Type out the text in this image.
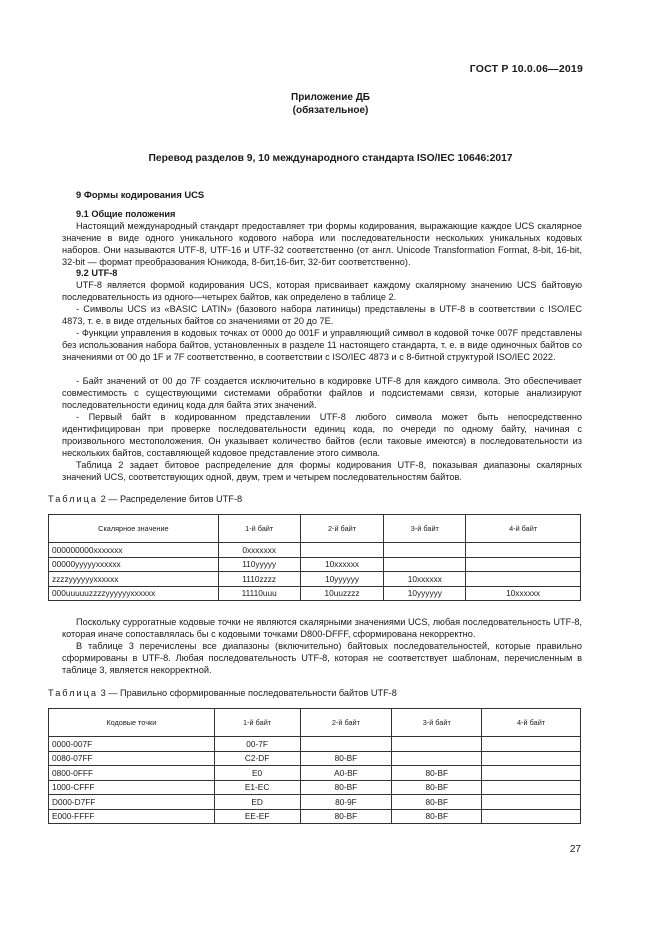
ГОСТ Р 10.0.06—2019
Приложение ДБ
(обязательное)
Перевод разделов 9, 10 международного стандарта ISO/IEC 10646:2017
9 Формы кодирования UCS
9.1 Общие положения
Настоящий международный стандарт предоставляет три формы кодирования, выражающие каждое UCS скалярное значение в виде одного уникального кодового набора или последовательности нескольких уникальных кодовых наборов. Они называются UTF-8, UTF-16 и UTF-32 соответственно (от англ. Unicode Transformation Format, 8-bit, 16-bit, 32-bit — формат преобразования Юникода, 8-бит,16-бит, 32-бит соответственно).
9.2 UTF-8
UTF-8 является формой кодирования UCS, которая присваивает каждому скалярному значению UCS байтовую последовательность из одного—четырех байтов, как определено в таблице 2.
- Символы UCS из «BASIC LATIN» (базового набора латиницы) представлены в UTF-8 в соответствии с ISO/IEC 4873, т. е. в виде отдельных байтов со значениями от 20 до 7E.
- Функции управления в кодовых точках от 0000 до 001F и управляющий символ в кодовой точке 007F представлены без использования набора байтов, установленных в разделе 11 настоящего стандарта, т. е. в виде одиночных байтов со значениями от 00 до 1F и 7F соответственно, в соответствии с ISO/IEC 4873 и с 8-битной структурой ISO/IEC 2022.
- Байт значений от 00 до 7F создается исключительно в кодировке UTF-8 для каждого символа. Это обеспечивает совместимость с существующими системами обработки файлов и подсистемами связи, которые анализируют последовательности единиц кода для байта этих значений.
- Первый байт в кодированном представлении UTF-8 любого символа может быть непосредственно идентифицирован при проверке последовательности единиц кода, по очереди по одному байту, начиная с произвольного местоположения. Он указывает количество байтов (если таковые имеются) в последовательности из нескольких байтов, составляющей кодовое представление этого символа.
Таблица 2 задает битовое распределение для формы кодирования UTF-8, показывая диапазоны скалярных значений UCS, соответствующих одной, двум, трем и четырем последовательностям байтов.
Таблица 2 — Распределение битов UTF-8
Скалярное значение	1-й байт	2-й байт	3-й байт	4-й байт
000000000xxxxxxx	0xxxxxxx			
00000yyyyyxxxxxx	110yyyyy	10xxxxxx		
zzzzyyyyyyxxxxxx	1110zzzz	10yyyyyy	10xxxxxx	
000uuuuuzzzzyyyyyyxxxxxx	11110uuu	10uuzzzz	10yyyyyy	10xxxxxx
Поскольку суррогатные кодовые точки не являются скалярными значениями UCS, любая последовательность UTF-8, которая иначе сопоставлялась бы с кодовыми точками D800-DFFF, сформирована некорректно.
В таблице 3 перечислены все диапазоны (включительно) байтовых последовательностей, которые правильно сформированы в UTF-8. Любая последовательность UTF-8, которая не соответствует шаблонам, перечисленным в таблице 3, является некорректной.
Таблица 3 — Правильно сформированные последовательности байтов UTF-8
Кодовые точки	1-й байт	2-й байт	3-й байт	4-й байт
0000-007F	00-7F			
0080-07FF	C2-DF	80-BF		
0800-0FFF	E0	A0-BF	80-BF	
1000-CFFF	E1-EC	80-BF	80-BF	
D000-D7FF	ED	80-9F	80-BF	
E000-FFFF	EE-EF	80-BF	80-BF	
27
